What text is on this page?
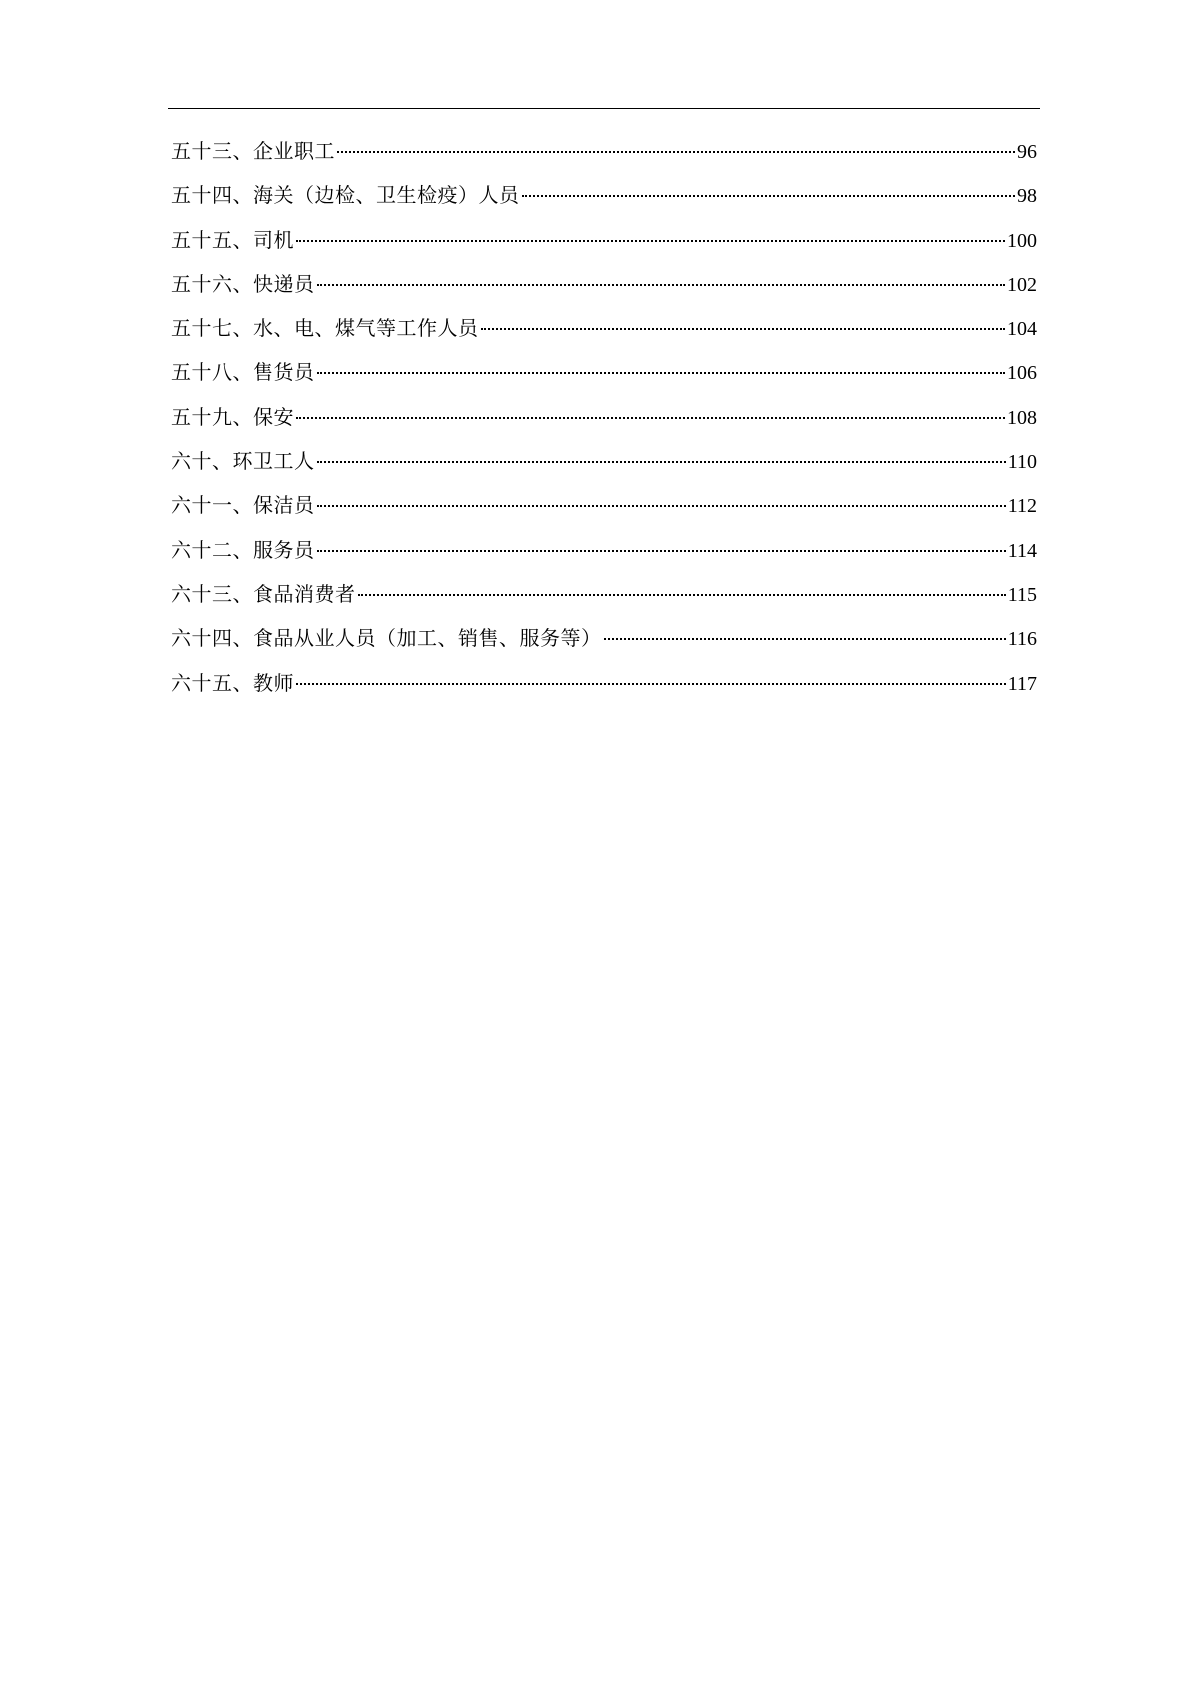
五十三、企业职工	96
五十四、海关（边检、卫生检疫）人员	98
五十五、司机	100
五十六、快递员	102
五十七、水、电、煤气等工作人员	104
五十八、售货员	106
五十九、保安	108
六十、环卫工人	110
六十一、保洁员	112
六十二、服务员	114
六十三、食品消费者	115
六十四、食品从业人员（加工、销售、服务等）	116
六十五、教师	117
